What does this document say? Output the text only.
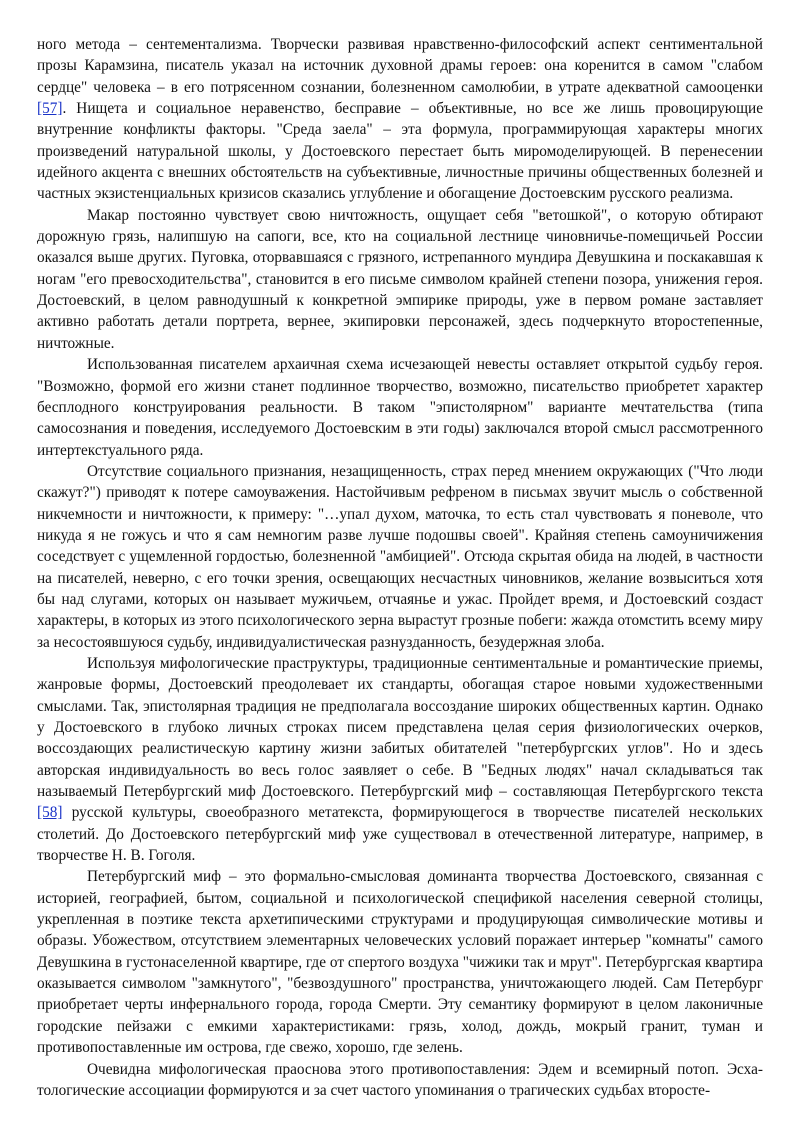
ного метода – сентементализма. Творчески развивая нравственно-философский аспект сентиментальной прозы Карамзина, писатель указал на источник духовной драмы героев: она коренится в самом "слабом сердце" человека – в его потрясенном сознании, болезненном самолюбии, в утрате адекватной самооценки [57]. Нищета и социальное неравенство, бесправие – объективные, но все же лишь провоцирующие внутренние конфликты факторы. "Среда заела" – эта формула, программирующая характеры многих произведений натуральной школы, у Достоевского перестает быть миромоделирующей. В перенесении идейного акцента с внешних обстоятельств на субъективные, личностные причины общественных болезней и частных экзистенциальных кризисов сказались углубление и обогащение Достоевским русского реализма.

Макар постоянно чувствует свою ничтожность, ощущает себя "ветошкой", о которую обтирают дорожную грязь, налипшую на сапоги, все, кто на социальной лестнице чиновничье-помещичьей России оказался выше других. Пуговка, оторвавшаяся с грязного, истрепанного мундира Девушкина и поскакавшая к ногам "его превосходительства", становится в его письме символом крайней степени позора, унижения героя. Достоевский, в целом равнодушный к конкретной эмпирике природы, уже в первом романе заставляет активно работать детали портрета, вернее, экипировки персонажей, здесь подчеркнуто второстепенные, ничтожные.

Использованная писателем архаичная схема исчезающей невесты оставляет открытой судьбу героя. "Возможно, формой его жизни станет подлинное творчество, возможно, писательство приобретет характер бесплодного конструирования реальности. В таком "эпистолярном" варианте мечтательства (типа самосознания и поведения, исследуемого Достоевским в эти годы) заключался второй смысл рассмотренного интертекстуального ряда.

Отсутствие социального признания, незащищенность, страх перед мнением окружающих ("Что люди скажут?") приводят к потере самоуважения. Настойчивым рефреном в письмах звучит мысль о собственной никчемности и ничтожности, к примеру: "…упал духом, маточка, то есть стал чувствовать я поневоле, что никуда я не гожусь и что я сам немногим разве лучше подошвы своей". Крайняя степень самоуничижения соседствует с ущемленной гордостью, болезненной "амбицией". Отсюда скрытая обида на людей, в частности на писателей, неверно, с его точки зрения, освещающих несчастных чиновников, желание возвыситься хотя бы над слугами, которых он называет мужичьем, отчаянье и ужас. Пройдет время, и Достоевский создаст характеры, в которых из этого психологического зерна вырастут грозные побеги: жажда отомстить всему миру за несостоявшуюся судьбу, индивидуалистическая разнузданность, безудержная злоба.

Используя мифологические праструктуры, традиционные сентиментальные и романтические приемы, жанровые формы, Достоевский преодолевает их стандарты, обогащая старое новыми художественными смыслами. Так, эпистолярная традиция не предполагала воссоздание широких общественных картин. Однако у Достоевского в глубоко личных строках писем представлена целая серия физиологических очерков, воссоздающих реалистическую картину жизни забитых обитателей "петербургских углов". Но и здесь авторская индивидуальность во весь голос заявляет о себе. В "Бедных людях" начал складываться так называемый Петербургский миф Достоевского. Петербургский миф – составляющая Петербургского текста [58] русской культуры, своеобразного метатекста, формирующегося в творчестве писателей нескольких столетий. До Достоевского петербургский миф уже существовал в отечественной литературе, например, в творчестве Н. В. Гоголя.

Петербургский миф – это формально-смысловая доминанта творчества Достоевского, связанная с историей, географией, бытом, социальной и психологической спецификой населения северной столицы, укрепленная в поэтике текста архетипическими структурами и продуцирующая символические мотивы и образы. Убожеством, отсутствием элементарных человеческих условий поражает интерьер "комнаты" самого Девушкина в густонаселенной квартире, где от спертого воздуха "чижики так и мрут". Петербургская квартира оказывается символом "замкнутого", "безвоздушного" пространства, уничтожающего людей. Сам Петербург приобретает черты инфернального города, города Смерти. Эту семантику формируют в целом лаконичные городские пейзажи с емкими характеристиками: грязь, холод, дождь, мокрый гранит, туман и противопоставленные им острова, где свежо, хорошо, где зелень.

Очевидна мифологическая праоснова этого противопоставления: Эдем и всемирный потоп. Эсхатологические ассоциации формируются и за счет частого упоминания о трагических судьбах второсте-
